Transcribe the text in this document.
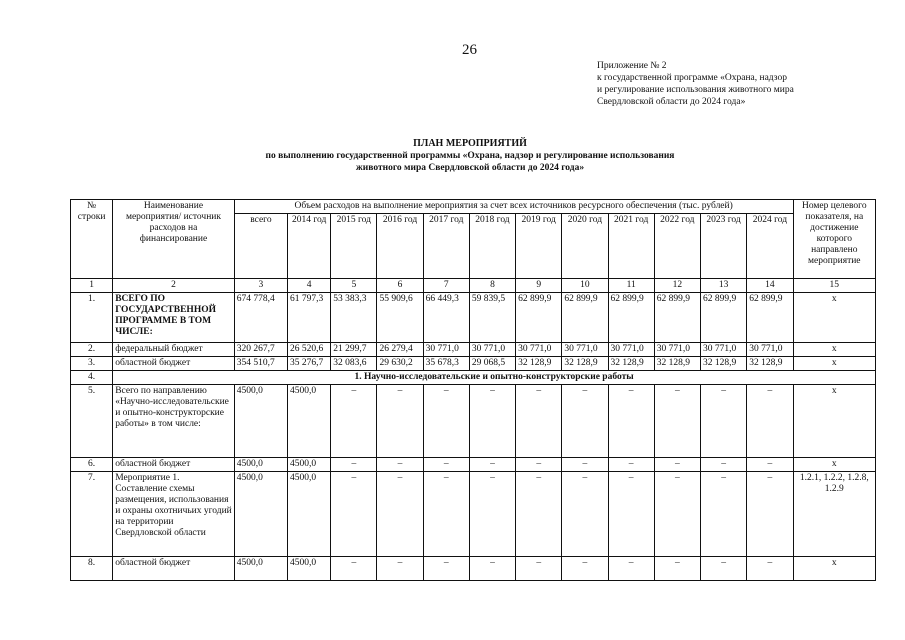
26
Приложение № 2
к государственной программе «Охрана, надзор
и регулирование использования животного мира
Свердловской области до 2024 года»
ПЛАН МЕРОПРИЯТИЙ
по выполнению государственной программы «Охрана, надзор и регулирование использования
животного мира Свердловской области до 2024 года»
№ строки	Наименование мероприятия/ источник расходов на финансирование	Объем расходов на выполнение мероприятия за счет всех источников ресурсного обеспечения (тыс. рублей)												Номер целевого показателя, на достижение которого направлено мероприятие
		всего	2014 год	2015 год	2016 год	2017 год	2018 год	2019 год	2020 год	2021 год	2022 год	2023 год	2024 год	
1	2	3	4	5	6	7	8	9	10	11	12	13	14	15
1.	ВСЕГО ПО ГОСУДАРСТВЕННОЙ ПРОГРАММЕ В ТОМ ЧИСЛЕ:	674 778,4	61 797,3	53 383,3	55 909,6	66 449,3	59 839,5	62 899,9	62 899,9	62 899,9	62 899,9	62 899,9	62 899,9	x
2.	федеральный бюджет	320 267,7	26 520,6	21 299,7	26 279,4	30 771,0	30 771,0	30 771,0	30 771,0	30 771,0	30 771,0	30 771,0	30 771,0	x
3.	областной бюджет	354 510,7	35 276,7	32 083,6	29 630,2	35 678,3	29 068,5	32 128,9	32 128,9	32 128,9	32 128,9	32 128,9	32 128,9	x
4.	1. Научно-исследовательские и опытно-конструкторские работы													
5.	Всего по направлению «Научно-исследовательские и опытно-конструкторские работы» в том числе:	4500,0	4500,0	–	–	–	–	–	–	–	–	–	–	x
6.	областной бюджет	4500,0	4500,0	–	–	–	–	–	–	–	–	–	–	x
7.	Мероприятие 1. Составление схемы размещения, использования и охраны охотничьих угодий на территории Свердловской области	4500,0	4500,0	–	–	–	–	–	–	–	–	–	–	1.2.1, 1.2.2, 1.2.8, 1.2.9
8.	областной бюджет	4500,0	4500,0	–	–	–	–	–	–	–	–	–	–	x
